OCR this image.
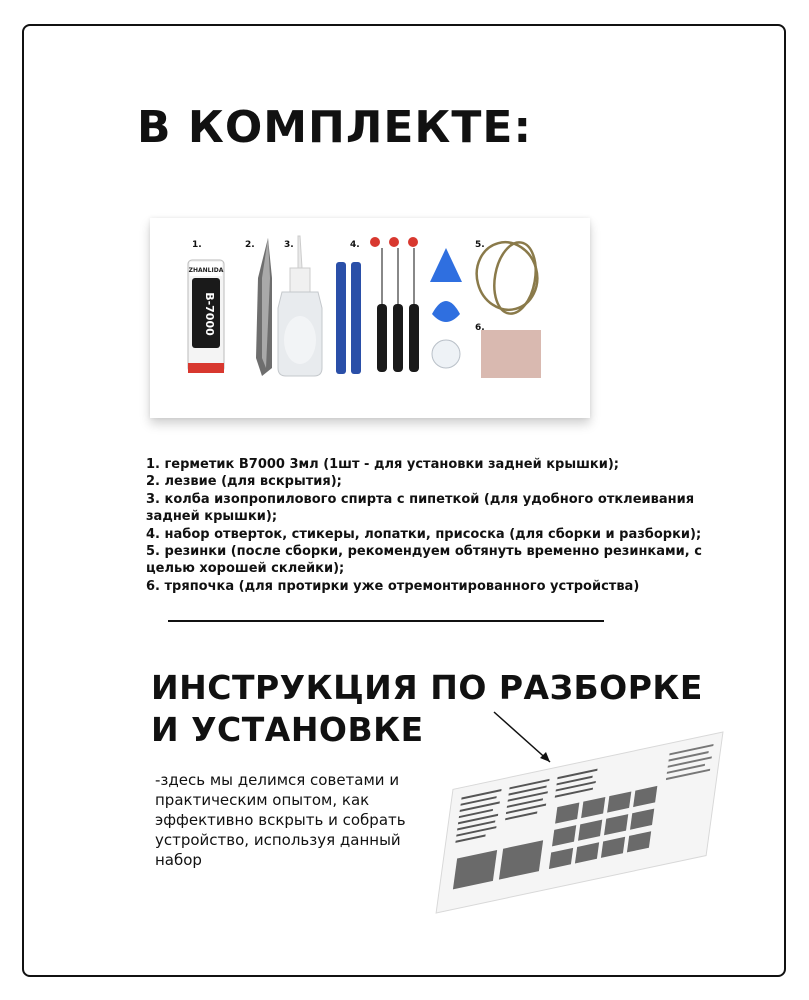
В КОМПЛЕКТЕ:
ZHANLIDA
B-7000
1.	2.	3.	4.	5.
6.
1. герметик B7000 3мл (1шт - для установки задней крышки);
2. лезвие (для вскрытия);
3. колба изопропилового спирта с пипеткой (для удобного отклеивания
задней крышки);
4. набор отверток, стикеры, лопатки, присоска (для сборки и разборки);
5. резинки (после сборки, рекомендуем обтянуть временно резинками, с
целью хорошей склейки);
6. тряпочка (для протирки уже отремонтированного устройства)
ИНСТРУКЦИЯ ПО РАЗБОРКЕ
И УСТАНОВКЕ

-здесь мы делимся советами и практическим опытом, как эффективно вскрыть и собрать устройство, используя данный набор
